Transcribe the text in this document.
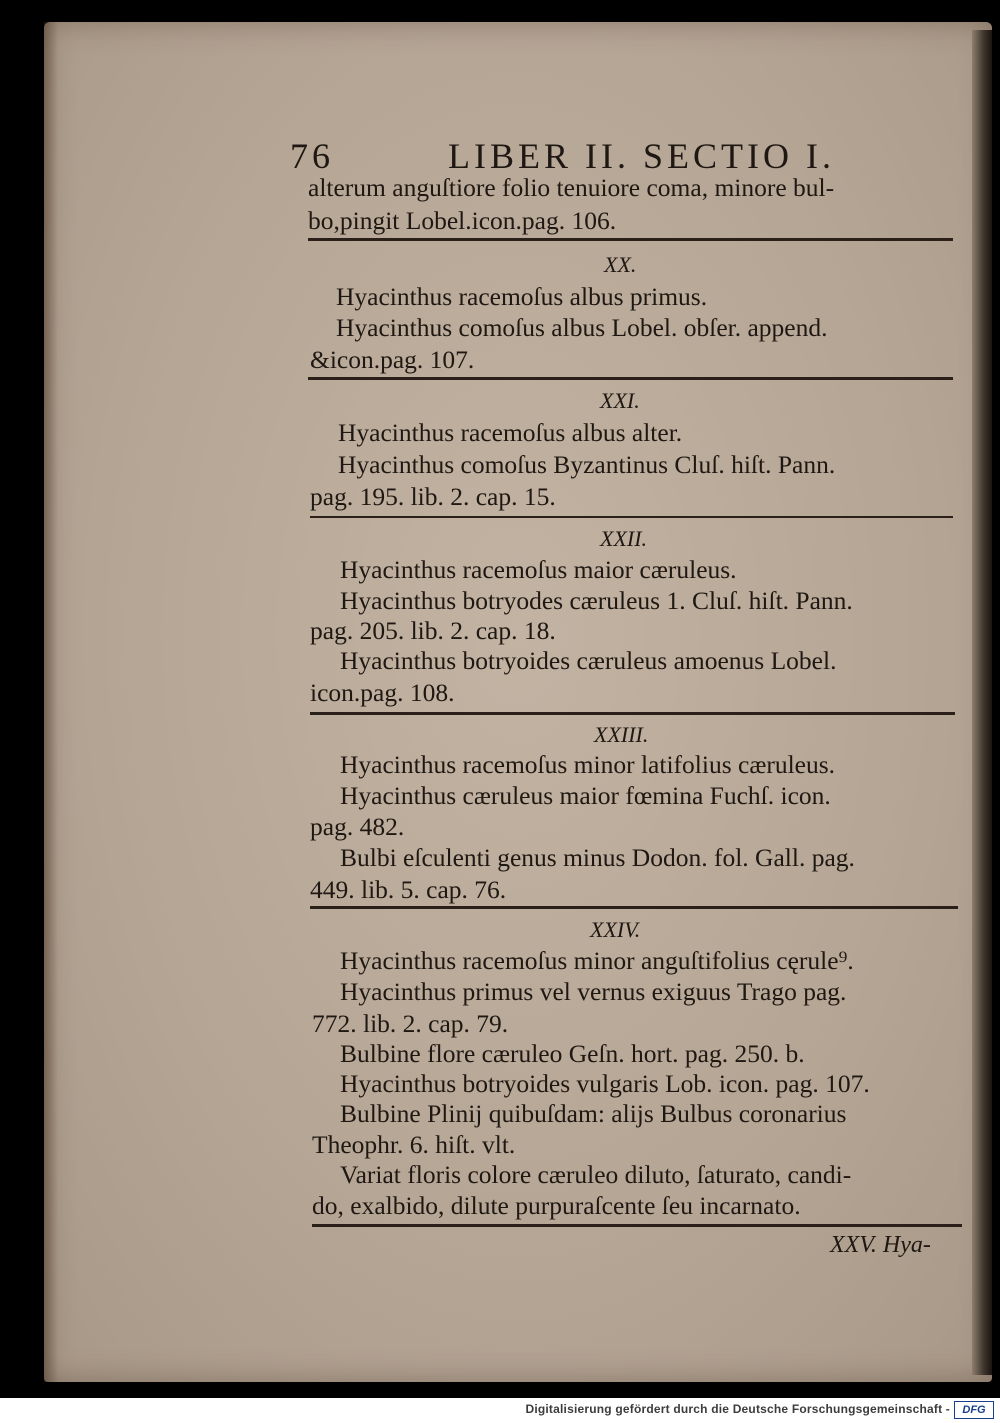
76	LIBER II. SECTIO I.
alterum anguſtiore folio tenuiore coma, minore bul-
bo,pingit Lobel.icon.pag. 106.
XX.
Hyacinthus racemoſus albus primus.
Hyacinthus comoſus albus Lobel. obſer. append.
&icon.pag. 107.
XXI.
Hyacinthus racemoſus albus alter.
Hyacinthus comoſus Byzantinus Cluſ. hiſt. Pann.
pag. 195. lib. 2. cap. 15.
XXII.
Hyacinthus racemoſus maior cæruleus.
Hyacinthus botryodes cæruleus 1. Cluſ. hiſt. Pann.
pag. 205. lib. 2. cap. 18.
Hyacinthus botryoides cæruleus amoenus Lobel.
icon.pag. 108.
XXIII.
Hyacinthus racemoſus minor latifolius cæruleus.
Hyacinthus cæruleus maior fœmina Fuchſ. icon.
pag. 482.
Bulbi eſculenti genus minus Dodon. fol. Gall. pag.
449. lib. 5. cap. 76.
XXIV.
Hyacinthus racemoſus minor anguſtifolius cęrule⁹.
Hyacinthus primus vel vernus exiguus Trago pag.
772. lib. 2. cap. 79.
Bulbine flore cæruleo Geſn. hort. pag. 250. b.
Hyacinthus botryoides vulgaris Lob. icon. pag. 107.
Bulbine Plinij quibuſdam: alijs Bulbus coronarius
Theophr. 6. hiſt. vlt.
Variat floris colore cæruleo diluto, ſaturato, candi-
do, exalbido, dilute purpuraſcente ſeu incarnato.
XXV. Hya-
Digitalisierung gefördert durch die Deutsche Forschungsgemeinschaft -	DFG
